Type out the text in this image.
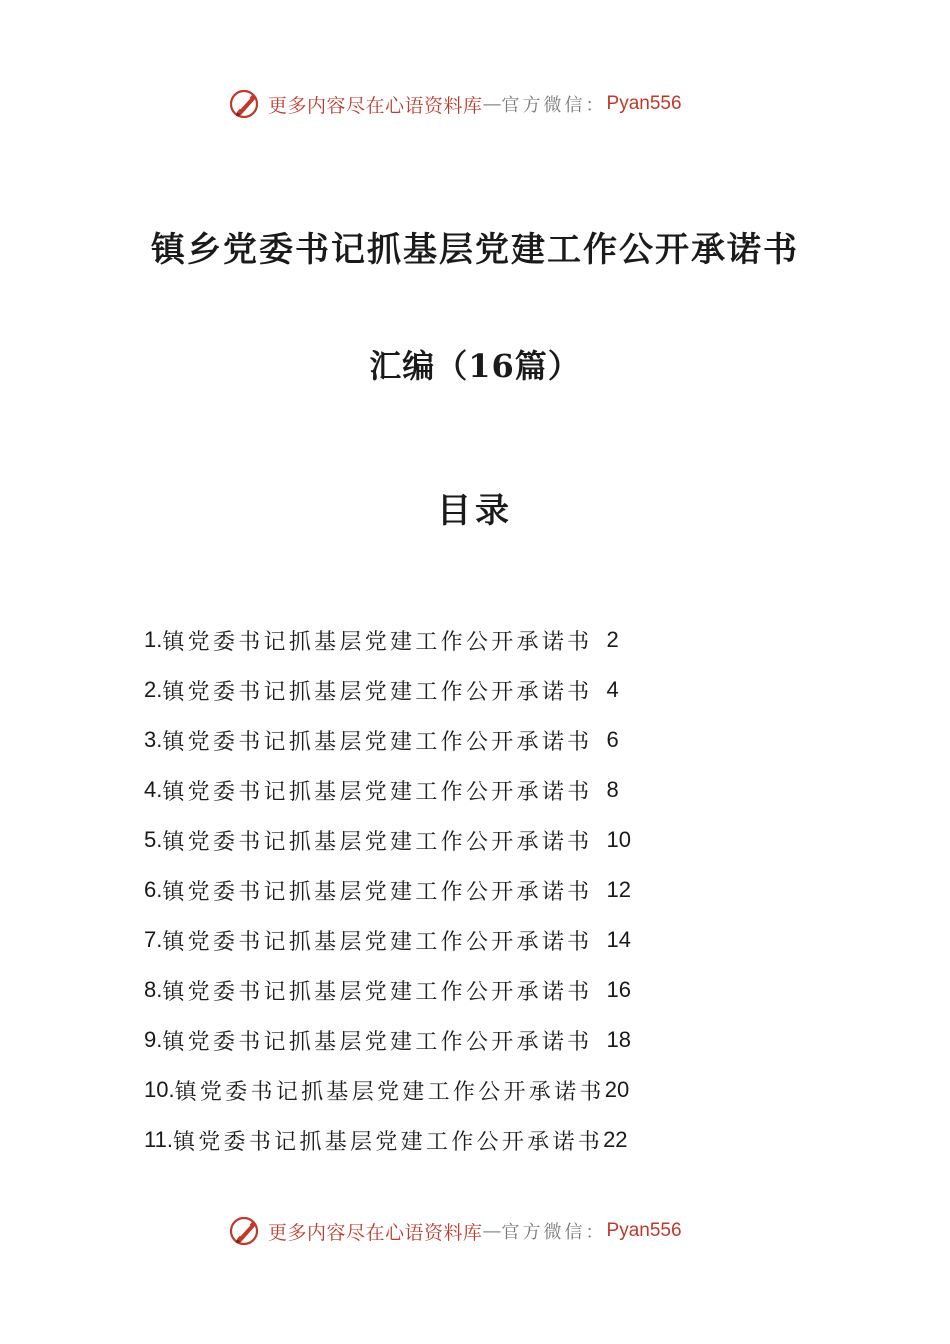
更多内容尽在心语资料库 — 官方微信： Pyan556
镇乡党委书记抓基层党建工作公开承诺书
汇编（16篇）
目录
1. 镇党委书记抓基层党建工作公开承诺书 2
2. 镇党委书记抓基层党建工作公开承诺书 4
3. 镇党委书记抓基层党建工作公开承诺书 6
4. 镇党委书记抓基层党建工作公开承诺书 8
5. 镇党委书记抓基层党建工作公开承诺书 10
6. 镇党委书记抓基层党建工作公开承诺书 12
7. 镇党委书记抓基层党建工作公开承诺书 14
8. 镇党委书记抓基层党建工作公开承诺书 16
9. 镇党委书记抓基层党建工作公开承诺书 18
10. 镇党委书记抓基层党建工作公开承诺书 20
11. 镇党委书记抓基层党建工作公开承诺书 22
更多内容尽在心语资料库 — 官方微信： Pyan556
